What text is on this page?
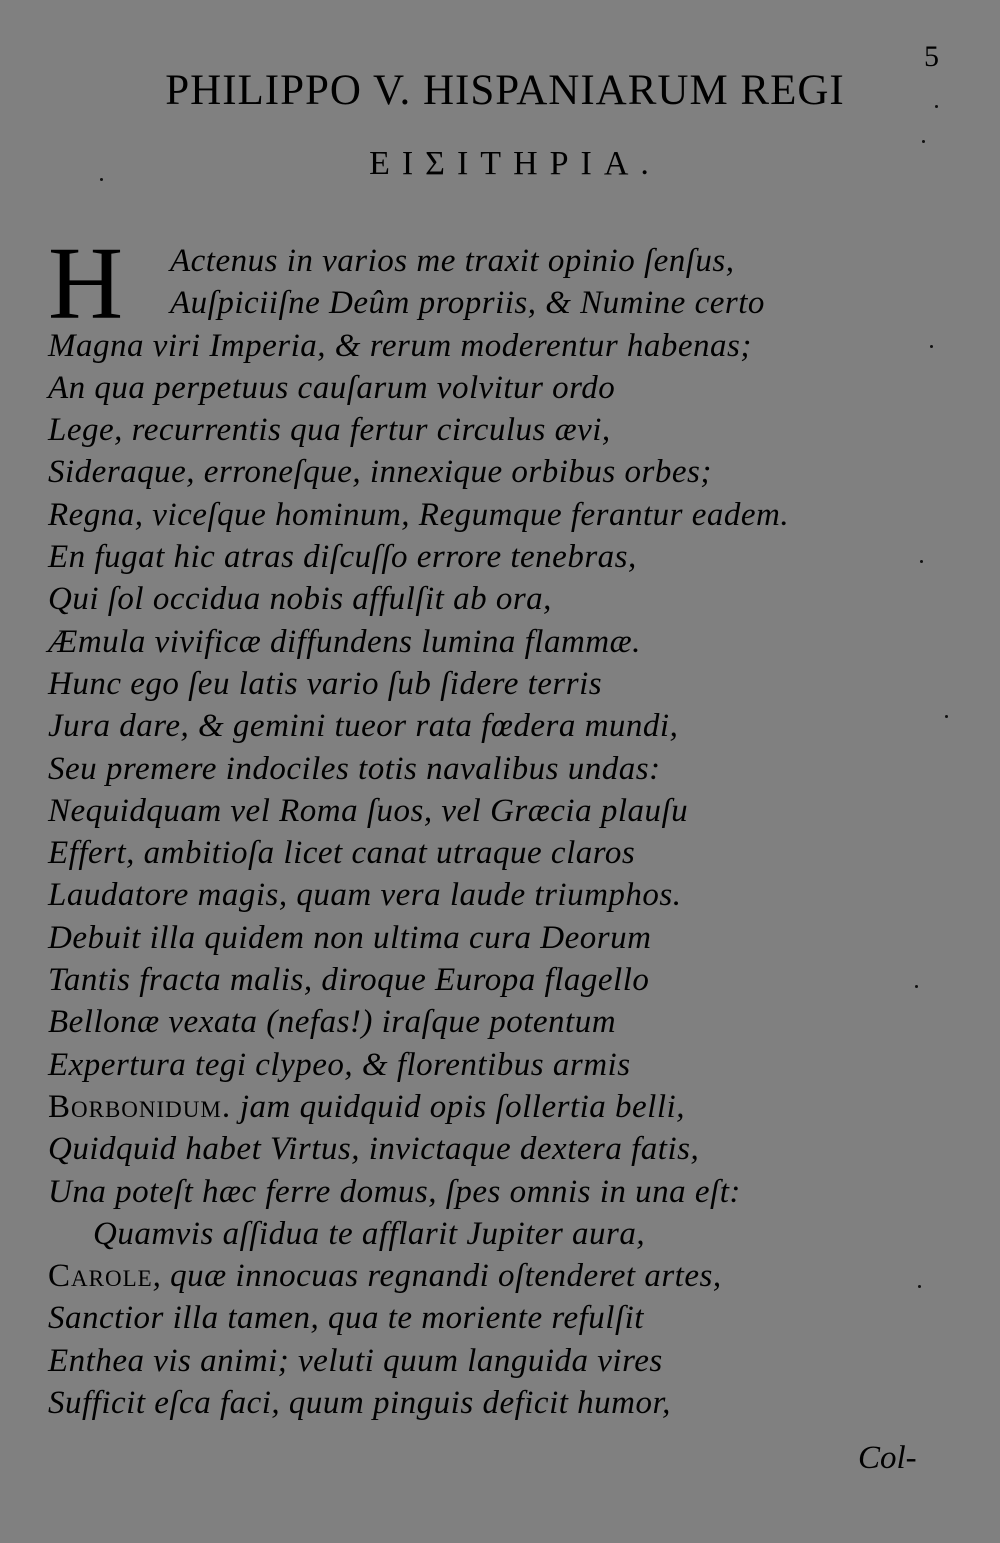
5
PHILIPPO V. HISPANIARUM REGI
ΕΙΣΙΤΗΡΙΑ.
H	Actenus in varios me traxit opinio ſenſus,
Auſpiciiſne Deûm propriis, & Numine certo
Magna viri Imperia, & rerum moderentur habenas;
An qua perpetuus cauſarum volvitur ordo
Lege, recurrentis qua fertur circulus ævi,
Sideraque, erroneſque, innexique orbibus orbes;
Regna, viceſque hominum, Regumque ferantur eadem.
En fugat hic atras diſcuſſo errore tenebras,
Qui ſol occidua nobis affulſit ab ora,
Æmula vivificæ diffundens lumina flammæ.
Hunc ego ſeu latis vario ſub ſidere terris
Jura dare, & gemini tueor rata fœdera mundi,
Seu premere indociles totis navalibus undas:
Nequidquam vel Roma ſuos, vel Græcia plauſu
Effert, ambitioſa licet canat utraque claros
Laudatore magis, quam vera laude triumphos.
Debuit illa quidem non ultima cura Deorum
Tantis fracta malis, diroque Europa flagello
Bellonæ vexata (nefas!) iraſque potentum
Expertura tegi clypeo, & florentibus armis
Borbonidum. jam quidquid opis ſollertia belli,
Quidquid habet Virtus, invictaque dextera fatis,
Una poteſt hæc ferre domus, ſpes omnis in una eſt:
Quamvis aſſidua te afflarit Jupiter aura,
Carole, quæ innocuas regnandi oſtenderet artes,
Sanctior illa tamen, qua te moriente refulſit
Enthea vis animi; veluti quum languida vires
Sufficit eſca faci, quum pinguis deficit humor,
Col-
